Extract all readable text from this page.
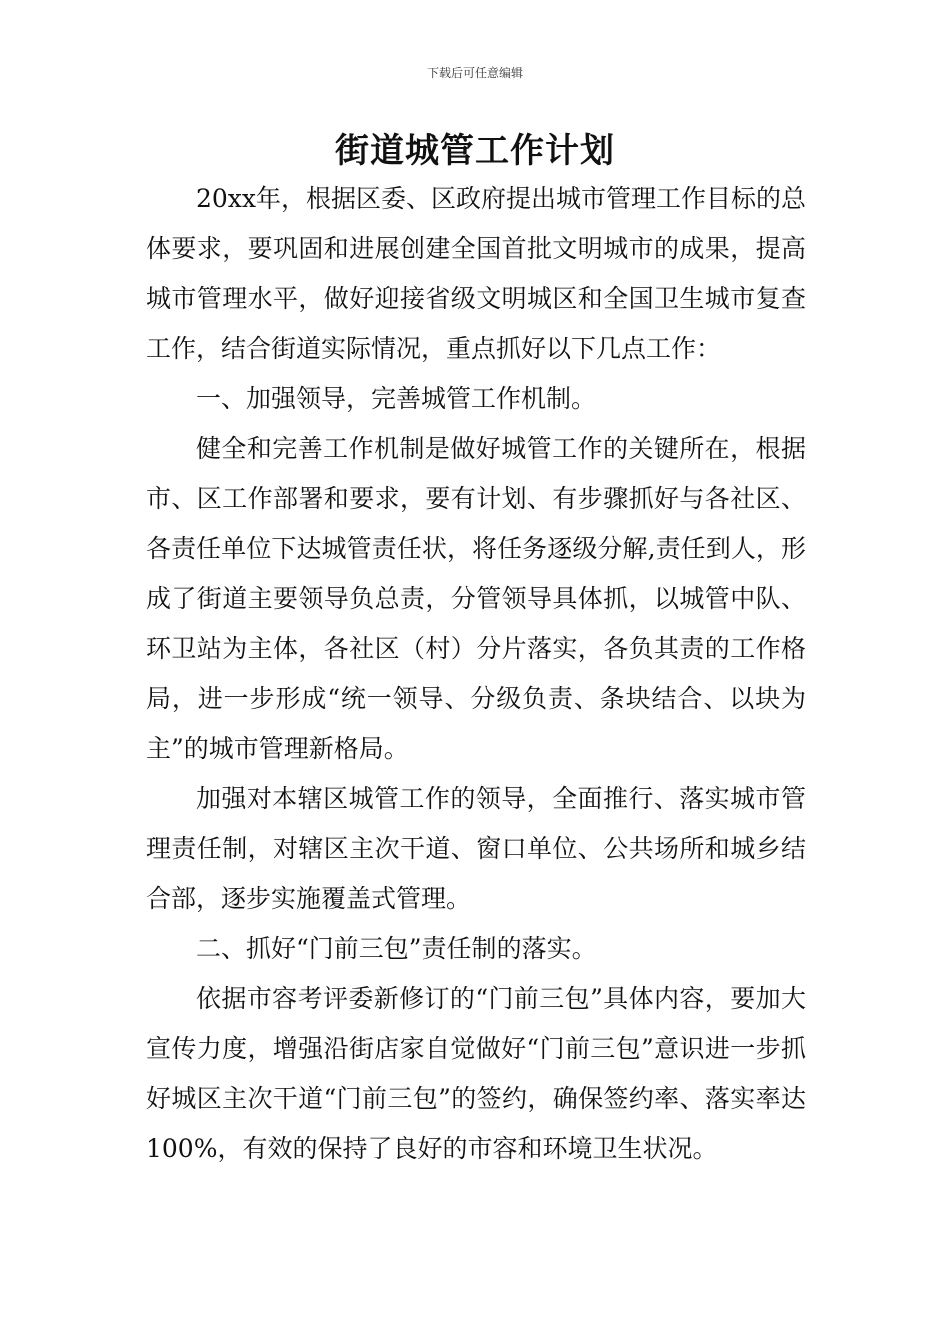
下载后可任意编辑
街道城管工作计划

20xx年，根据区委、区政府提出城市管理工作目标的总体要求，要巩固和进展创建全国首批文明城市的成果，提高城市管理水平，做好迎接省级文明城区和全国卫生城市复查工作，结合街道实际情况，重点抓好以下几点工作：

一、加强领导，完善城管工作机制。

健全和完善工作机制是做好城管工作的关键所在，根据市、区工作部署和要求，要有计划、有步骤抓好与各社区、各责任单位下达城管责任状，将任务逐级分解,责任到人，形成了街道主要领导负总责，分管领导具体抓，以城管中队、环卫站为主体，各社区（村）分片落实，各负其责的工作格局，进一步形成“统一领导、分级负责、条块结合、以块为主”的城市管理新格局。

加强对本辖区城管工作的领导，全面推行、落实城市管理责任制，对辖区主次干道、窗口单位、公共场所和城乡结合部，逐步实施覆盖式管理。

二、抓好“门前三包”责任制的落实。

依据市容考评委新修订的“门前三包”具体内容，要加大宣传力度，增强沿街店家自觉做好“门前三包”意识进一步抓好城区主次干道“门前三包”的签约，确保签约率、落实率达100%，有效的保持了良好的市容和环境卫生状况。
